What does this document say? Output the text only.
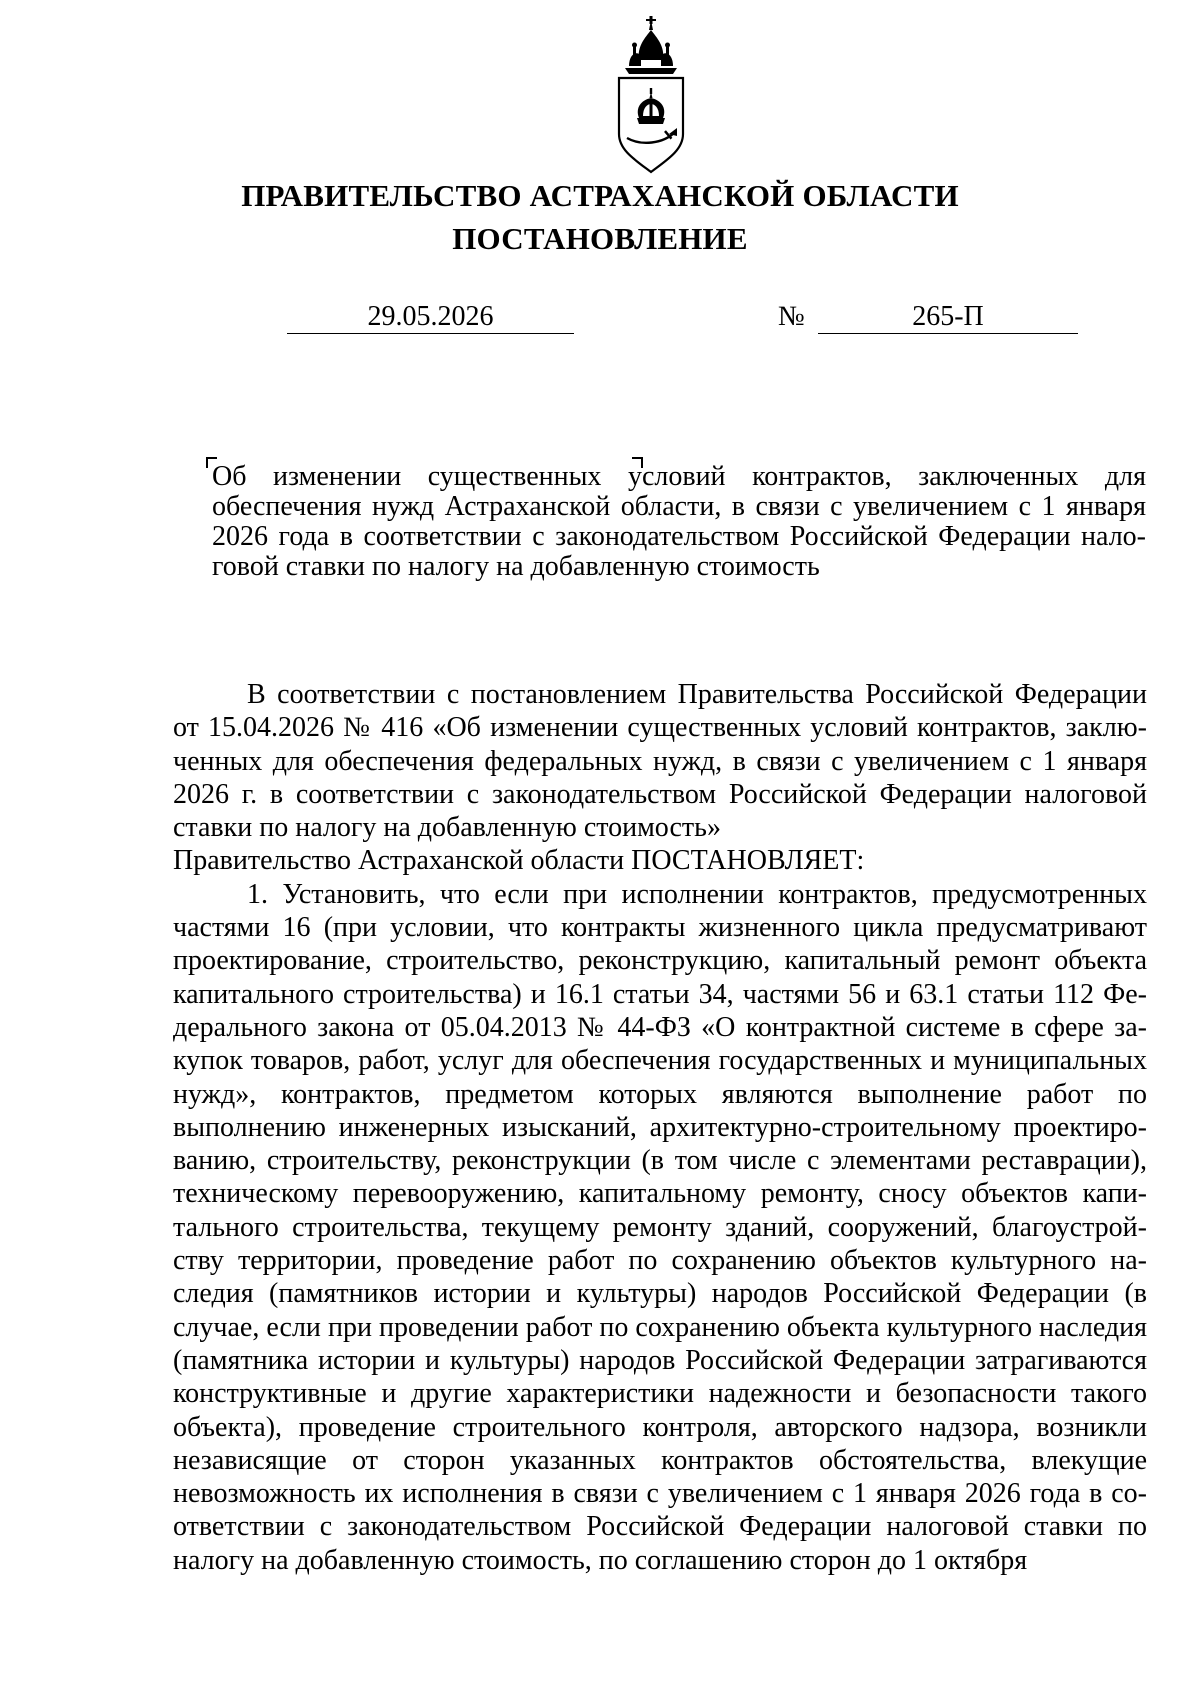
ПРАВИТЕЛЬСТВО АСТРАХАНСКОЙ ОБЛАСТИ
ПОСТАНОВЛЕНИЕ
29.05.2026	№	265-П
Об изменении существенных условий контрактов, заключенных для обеспечения нужд Астраханской области, в связи с увеличением с 1 января 2026 года в соответствии с законодательством Российской Федерации налоговой ставки по налогу на добавленную стоимость

В соответствии с постановлением Правительства Российской Федерации от 15.04.2026 № 416 «Об изменении существенных условий контрактов, заключенных для обеспечения федеральных нужд, в связи с увеличением с 1 января 2026 г. в соответствии с законодательством Российской Федерации налоговой ставки по налогу на добавленную стоимость»

Правительство Астраханской области ПОСТАНОВЛЯЕТ:

1. Установить, что если при исполнении контрактов, предусмотренных частями 16 (при условии, что контракты жизненного цикла предусматривают проектирование, строительство, реконструкцию, капитальный ремонт объекта капитального строительства) и 16.1 статьи 34, частями 56 и 63.1 статьи 112 Федерального закона от 05.04.2013 № 44-ФЗ «О контрактной системе в сфере закупок товаров, работ, услуг для обеспечения государственных и муниципальных нужд», контрактов, предметом которых являются выполнение работ по выполнению инженерных изысканий, архитектурно-строительному проектированию, строительству, реконструкции (в том числе с элементами реставрации), техническому перевооружению, капитальному ремонту, сносу объектов капитального строительства, текущему ремонту зданий, сооружений, благоустройству территории, проведение работ по сохранению объектов культурного наследия (памятников истории и культуры) народов Российской Федерации (в случае, если при проведении работ по сохранению объекта культурного наследия (памятника истории и культуры) народов Российской Федерации затрагиваются конструктивные и другие характеристики надежности и безопасности такого объекта), проведение строительного контроля, авторского надзора, возникли независящие от сторон указанных контрактов обстоятельства, влекущие невозможность их исполнения в связи с увеличением с 1 января 2026 года в соответствии с законодательством Российской Федерации налоговой ставки по налогу на добавленную стоимость, по соглашению сторон до 1 октября
